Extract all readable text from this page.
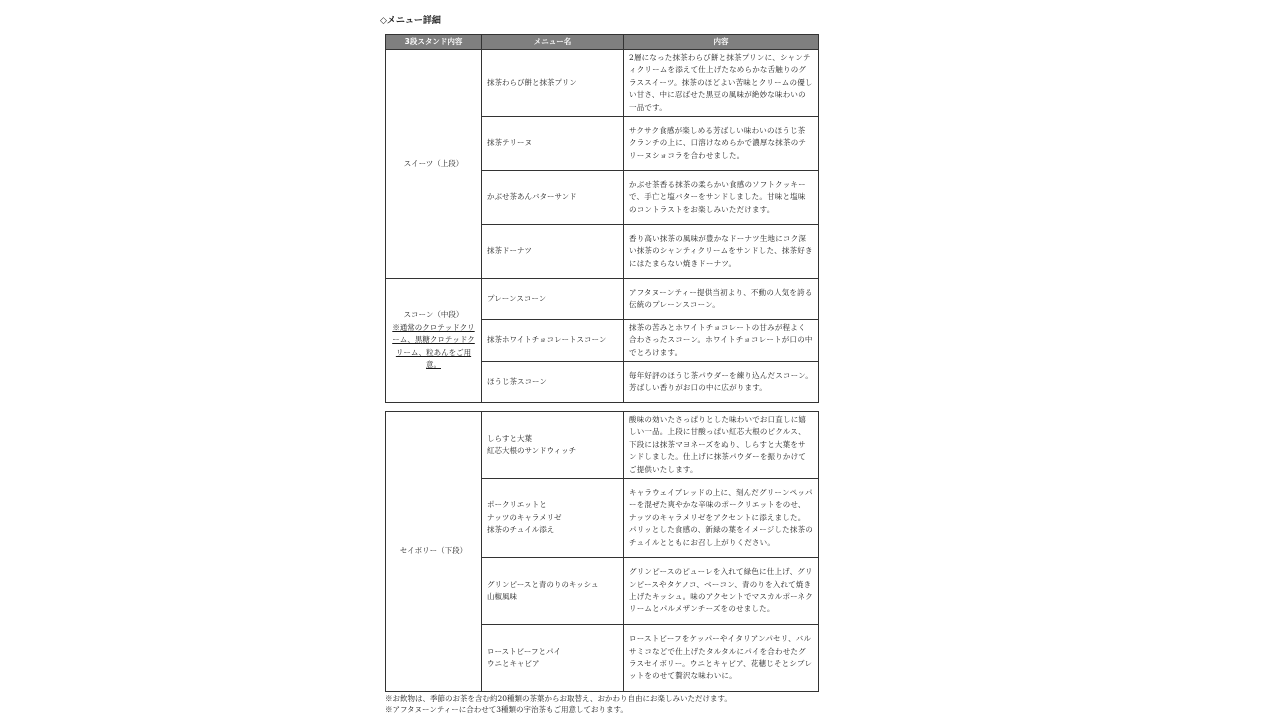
◇メニュー詳細
3段スタンド内容	メニュー名	内容
スイーツ（上段）	抹茶わらび餅と抹茶プリン	2層になった抹茶わらび餅と抹茶プリンに、シャンティクリームを添えて仕上げたなめらかな舌触りのグラススイーツ。抹茶のほどよい苦味とクリームの優しい甘さ、中に忍ばせた黒豆の風味が絶妙な味わいの一品です。
	抹茶テリーヌ	サクサク食感が楽しめる芳ばしい味わいのほうじ茶クランチの上に、口溶けなめらかで濃厚な抹茶のテリーヌショコラを合わせました。
	かぶせ茶あんバターサンド	かぶせ茶香る抹茶の柔らかい食感のソフトクッキーで、手亡と塩バターをサンドしました。甘味と塩味のコントラストをお楽しみいただけます。
	抹茶ドーナツ	香り高い抹茶の風味が豊かなドーナツ生地にコク深い抹茶のシャンティクリームをサンドした、抹茶好きにはたまらない焼きドーナツ。

スコーン（中段）
※通常のクロテッドクリーム、黒糖クロテッドクリーム、粒あんをご用意。	プレーンスコーン	アフタヌーンティー提供当初より、不動の人気を誇る伝統のプレーンスコーン。
	抹茶ホワイトチョコレートスコーン	抹茶の苦みとホワイトチョコレートの甘みが程よく合わさったスコーン。ホワイトチョコレートが口の中でとろけます。
	ほうじ茶スコーン	毎年好評のほうじ茶パウダーを練り込んだスコーン。芳ばしい香りがお口の中に広がります。
セイボリー（下段）	しらすと大葉
紅芯大根のサンドウィッチ	酸味の効いたさっぱりとした味わいでお口直しに嬉しい一品。上段に甘酸っぱい紅芯大根のピクルス、下段には抹茶マヨネーズをぬり、しらすと大葉をサンドしました。仕上げに抹茶パウダーを振りかけてご提供いたします。
	ポークリエットと
ナッツのキャラメリゼ
抹茶のチュイル添え	キャラウェイブレッドの上に、刻んだグリーンペッパーを混ぜた爽やかな辛味のポークリエットをのせ、ナッツのキャラメリゼをアクセントに添えました。パリッとした食感の、新緑の葉をイメージした抹茶のチュイルとともにお召し上がりください。
	グリンピースと青のりのキッシュ
山椒風味	グリンピースのピューレを入れて緑色に仕上げ、グリンピースやタケノコ、ベーコン、青のりを入れて焼き上げたキッシュ。味のアクセントでマスカルポーネクリームとパルメザンチーズをのせました。
	ローストビーフとパイ
ウニとキャビア	ローストビーフをケッパーやイタリアンパセリ、バルサミコなどで仕上げたタルタルにパイを合わせたグラスセイボリー。ウニとキャビア、花穂じそとシブレットをのせて贅沢な味わいに。
※お飲物は、季節のお茶を含む約20種類の茶葉からお取替え、おかわり自由にお楽しみいただけます。
※アフタヌーンティーに合わせて3種類の宇治茶もご用意しております。
